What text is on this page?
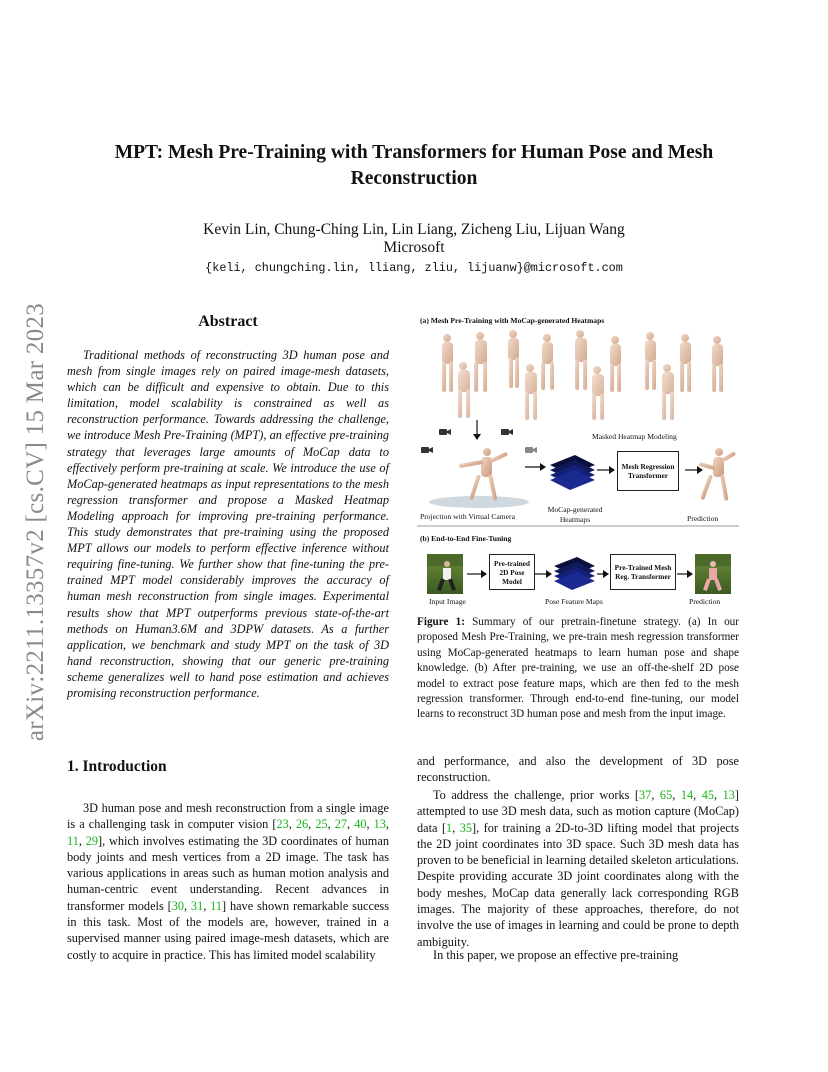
arXiv:2211.13357v2 [cs.CV] 15 Mar 2023
MPT: Mesh Pre-Training with Transformers for Human Pose and Mesh Reconstruction
Kevin Lin, Chung-Ching Lin, Lin Liang, Zicheng Liu, Lijuan Wang
Microsoft
{keli, chungching.lin, lliang, zliu, lijuanw}@microsoft.com
Abstract
Traditional methods of reconstructing 3D human pose and mesh from single images rely on paired image-mesh datasets, which can be difficult and expensive to obtain. Due to this limitation, model scalability is constrained as well as reconstruction performance. Towards addressing the challenge, we introduce Mesh Pre-Training (MPT), an effective pre-training strategy that leverages large amounts of MoCap data to effectively perform pre-training at scale. We introduce the use of MoCap-generated heatmaps as input representations to the mesh regression transformer and propose a Masked Heatmap Modeling approach for improving pre-training performance. This study demonstrates that pre-training using the proposed MPT allows our models to perform effective inference without requiring fine-tuning. We further show that fine-tuning the pre-trained MPT model considerably improves the accuracy of human mesh reconstruction from single images. Experimental results show that MPT outperforms previous state-of-the-art methods on Human3.6M and 3DPW datasets. As a further application, we benchmark and study MPT on the task of 3D hand reconstruction, showing that our generic pre-training scheme generalizes well to hand pose estimation and achieves promising reconstruction performance.
1. Introduction
3D human pose and mesh reconstruction from a single image is a challenging task in computer vision [23, 26, 25, 27, 40, 13, 11, 29], which involves estimating the 3D coordinates of human body joints and mesh vertices from a 2D image. The task has various applications in areas such as human motion analysis and human-centric event understanding. Recent advances in transformer models [30, 31, 11] have shown remarkable success in this task. Most of the models are, however, trained in a supervised manner using paired image-mesh datasets, which are costly to acquire in practice. This has limited model scalability
(a) Mesh Pre-Training with MoCap-generated Heatmaps
Masked Heatmap Modeling
Mesh Regression Transformer
Projection with Virtual Camera
MoCap-generated Heatmaps	Prediction
(b) End-to-End Fine-Tuning
Pre-trained 2D Pose Model
Pre-Trained Mesh Reg. Transformer
Input Image	Pose Feature Maps	Prediction
Figure 1: Summary of our pretrain-finetune strategy. (a) In our proposed Mesh Pre-Training, we pre-train mesh regression transformer using MoCap-generated heatmaps to learn human pose and shape knowledge. (b) After pre-training, we use an off-the-shelf 2D pose model to extract pose feature maps, which are then fed to the mesh regression transformer. Through end-to-end fine-tuning, our model learns to reconstruct 3D human pose and mesh from the input image.
and performance, and also the development of 3D pose reconstruction.
To address the challenge, prior works [37, 65, 14, 45, 13] attempted to use 3D mesh data, such as motion capture (MoCap) data [1, 35], for training a 2D-to-3D lifting model that projects the 2D joint coordinates into 3D space. Such 3D mesh data has proven to be beneficial in learning detailed skeleton articulations. Despite providing accurate 3D joint coordinates along with the body meshes, MoCap data generally lack corresponding RGB images. The majority of these approaches, therefore, do not involve the use of images in learning and could be prone to depth ambiguity.
In this paper, we propose an effective pre-training
